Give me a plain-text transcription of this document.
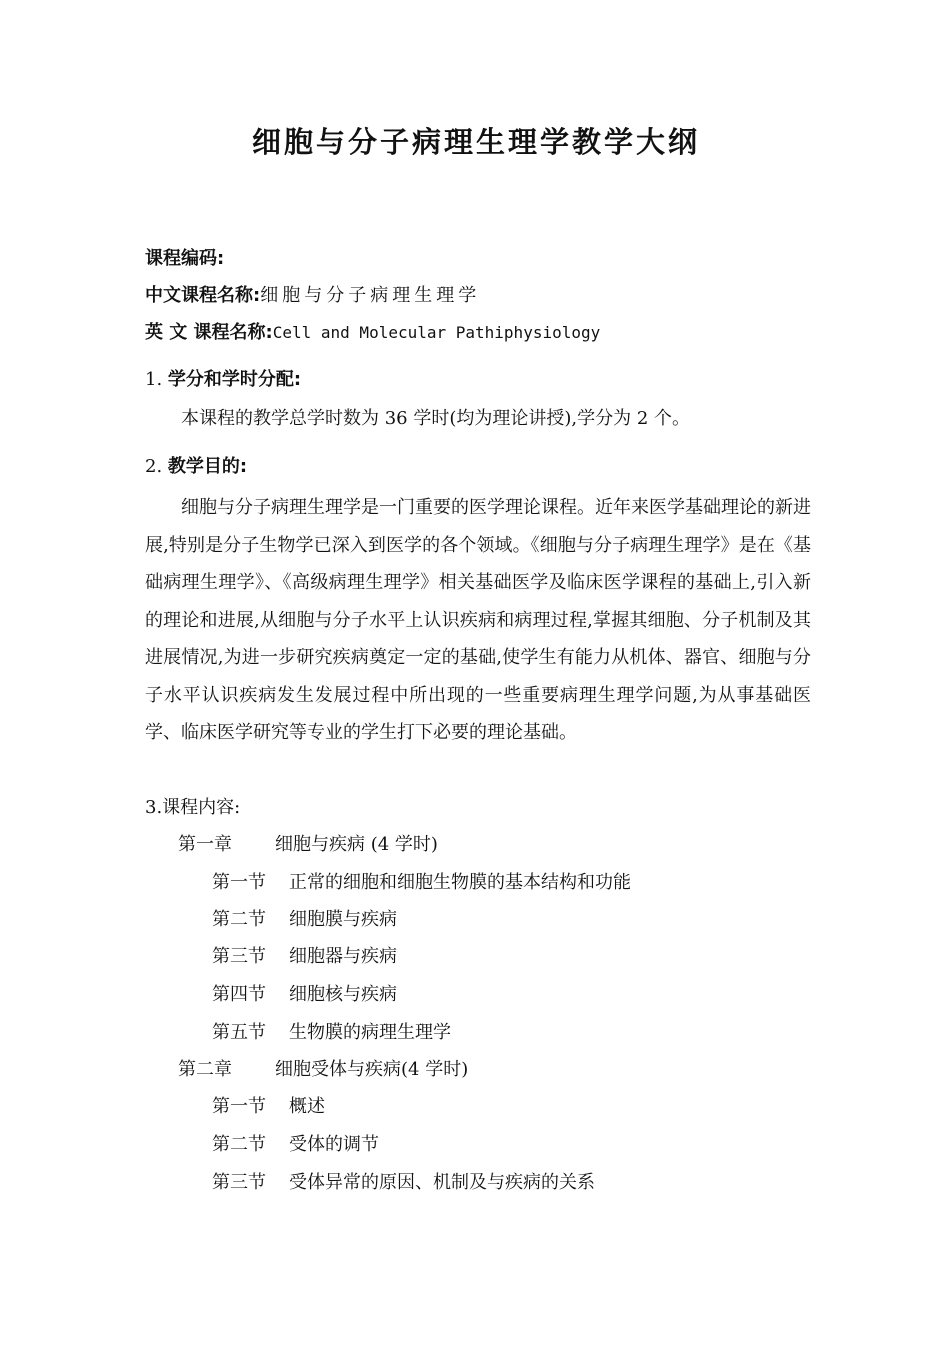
细胞与分子病理生理学教学大纲
课程编码:
中文课程名称:细胞与分子病理生理学
英 文 课程名称:Cell and Molecular Pathiphysiology
1. 学分和学时分配:
本课程的教学总学时数为 36 学时(均为理论讲授),学分为 2 个。
2. 教学目的:
细胞与分子病理生理学是一门重要的医学理论课程。近年来医学基础理论的新进展,特别是分子生物学已深入到医学的各个领域。《细胞与分子病理生理学》是在《基础病理生理学》、《高级病理生理学》相关基础医学及临床医学课程的基础上,引入新的理论和进展,从细胞与分子水平上认识疾病和病理过程,掌握其细胞、分子机制及其进展情况,为进一步研究疾病奠定一定的基础,使学生有能力从机体、器官、细胞与分子水平认识疾病发生发展过程中所出现的一些重要病理生理学问题,为从事基础医学、临床医学研究等专业的学生打下必要的理论基础。
3.课程内容:
第一章 细胞与疾病 (4 学时)
第一节 正常的细胞和细胞生物膜的基本结构和功能
第二节 细胞膜与疾病
第三节 细胞器与疾病
第四节 细胞核与疾病
第五节 生物膜的病理生理学
第二章 细胞受体与疾病(4 学时)
第一节 概述
第二节 受体的调节
第三节 受体异常的原因、机制及与疾病的关系
